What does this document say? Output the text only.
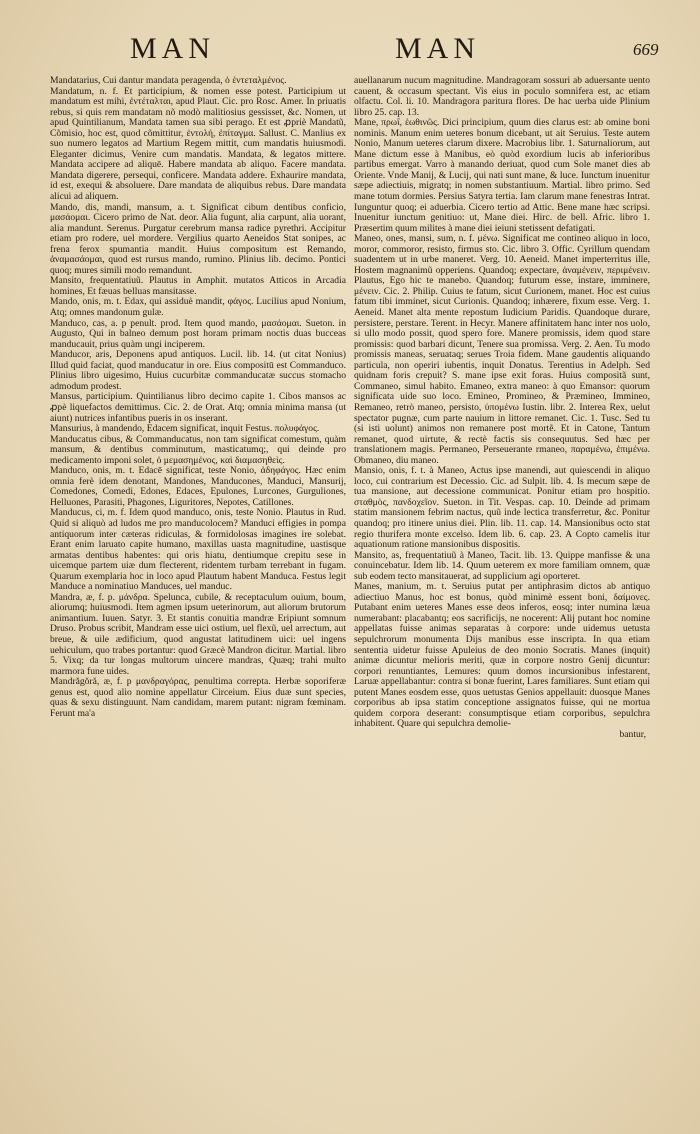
MAN	MAN	669

Mandatarius, Cui dantur mandata peragenda, ὁ ἐντεταλμένος.

Mandatum, n. f. Et participium, & nomen esse potest. Participium ut mandatum est mihi, ἐντέταλται, apud Plaut. Cic. pro Rosc. Amer. In priuatis rebus, si quis rem mandatam nõ modò malitiosius gessisset, &c. Nomen, ut apud Quintilianum, Mandata tamen sua sibi perago. Et est ꝓpriè Mandatũ, Cõmisio, hoc est, quod cõmittitur, ἐντολή, ἐπίταγμα. Sallust. C. Manlius ex suo numero legatos ad Martium Regem mittit, cum mandatis huiusmodi. Eleganter dicimus, Venire cum mandatis. Mandata, & legatos mittere. Mandata accipere ad aliquē. Habere mandata ab aliquo. Facere mandata. Mandata digerere, persequi, conficere. Mandata addere. Exhaurire mandata, id est, exequi & absoluere. Dare mandata de aliquibus rebus. Dare mandata alicui ad aliquem.

Mando, dis, mandi, mansum, a. t. Significat cibum dentibus conficio, μασάομαι. Cicero primo de Nat. deor. Alia fugunt, alia carpunt, alia uorant, alia mandunt. Serenus. Purgatur cerebrum mansa radice pyrethri. Accipitur etiam pro rodere, uel mordere. Vergilius quarto Aeneidos Stat sonipes, ac frena ferox spumantia mandit. Huius compositum est Remando, ἀναμασάομαι, quod est rursus mando, rumino. Plinius lib. decimo. Pontici quoq; mures simili modo remandunt.

Mansito, frequentatiuũ. Plautus in Amphit. mutatos Atticos in Arcadia homines, Et fæuas belluas mansitasse.

Mando, onis, m. t. Edax, qui assiduè mandit, φάγος. Lucilius apud Nonium, Atq; omnes mandonum gulæ.

Manduco, cas, a. p penult. prod. Item quod mando, μασάομαι. Sueton. in Augusto, Qui in balneo demum post horam primam noctis duas bucceas manducauit, prius quàm ungi inciperem.

Manducor, aris, Deponens apud antiquos. Lucil. lib. 14. (ut citat Nonius) Illud quid faciat, quod manducatur in ore. Eius compositū est Commanduco. Plinius libro uigesimo, Huius cucurbitæ commanducatæ succus stomacho admodum prodest.

Mansus, participium. Quintilianus libro decimo capite 1. Cibos mansos ac ꝓpè liquefactos demittimus. Cic. 2. de Orat. Atq; omnia minima mansa (ut aiunt) nutrices infantibus pueris in os inserant.

Mansurius, à mandendo, Edacem significat, inquit Festus. πολυφάγος.

Manducatus cibus, & Commanducatus, non tam significat comestum, quàm mansum, & dentibus comminutum, masticatumq;, qui deinde pro medicamento imponi solet, ὁ μεμασημένος, καὶ διαμασηθεὶς.

Manduco, onis, m. t. Edacē significat, teste Nonio, ἀδηφάγος. Hæc enim omnia ferè idem denotant, Mandones, Manducones, Manduci, Mansurij, Comedones, Comedi, Edones, Edaces, Epulones, Lurcones, Gurguliones, Helluones, Parasiti, Phagones, Liguritores, Nepotes, Catillones.

Manducus, ci, m. f. Idem quod manduco, onis, teste Nonio. Plautus in Rud. Quid si aliquò ad ludos me pro manducolocem? Manduci effigies in pompa antiquorum inter cæteras ridiculas, & formidolosas imagines ire solebat. Erant enim laruato capite humano, maxillas uasta magnitudine, uastisque armatas dentibus habentes: qui oris hiatu, dentiumque crepitu sese in uicemque partem uiæ dum flecterent, ridentem turbam terrebant in fugam. Quarum exemplaria hoc in loco apud Plautum habent Manduca. Festus legit Manduce a nominatiuo Manduces, uel manduc.

Mandra, æ, f. p. μάνδρα. Spelunca, cubile, & receptaculum ouium, boum, aliorumq; huiusmodi. Item agmen ipsum ueterinorum, aut aliorum brutorum animantium. Iuuen. Satyr. 3. Et stantis conuitia mandræ Eripiunt somnum Druso. Probus scribit, Mandram esse uici ostium, uel flexũ, uel arrectum, aut breue, & uile ædificium, quod angustat latitudinem uici: uel ingens uehiculum, quo trabes portantur: quod Græcè Mandron dicitur. Martial. libro 5. Vixq; da tur longas multorum uincere mandras, Quæq; trahi multo marmora fune uides.

Mandrăgŏră, æ, f. p μανδραγόρας, penultima correpta. Herbæ soporiferæ genus est, quod alio nomine appellatur Circeium. Eius duæ sunt species, quas & sexu distinguunt. Nam candidam, marem putant: nigram fœminam. Ferunt ma'a

auellanarum nucum magnitudine. Mandragoram sossuri ab aduersante uento cauent, & occasum spectant. Vis eius in poculo somnifera est, ac etiam olfactu. Col. li. 10. Mandragora paritura flores. De hac uerba uide Plinium libro 25. cap. 13.

Mane, πρωΐ, ἑωθινῶς. Dici principium, quum dies clarus est: ab omine boni nominis. Manum enim ueteres bonum dicebant, ut ait Seruius. Teste autem Nonio, Manum ueteres clarum dixere. Macrobius libr. 1. Saturnaliorum, aut Mane dictum esse à Manibus, eò quòd exordium lucis ab inferioribus partibus emergat. Varro à manando deriuat, quod cum Sole manet dies ab Oriente. Vnde Manij, & Lucij, qui nati sunt mane, & luce. Iunctum inuenitur sæpe adiectiuis, migratq; in nomen substantiuum. Martial. libro primo. Sed mane totum dormies. Persius Satyra tertia. Iam clarum mane fenestras Intrat. Iunguntur quoq; ei aduerbia. Cicero tertio ad Attic. Bene mane hæc scripsi. Inuenitur iunctum genitiuo: ut, Mane diei. Hirc. de bell. Afric. libro 1. Præsertim quum milites à mane diei ieiuni stetissent defatigati.

Maneo, ones, mansi, sum, n. f. μένω. Significat me contineo aliquo in loco, moror, commoror, resisto, firmus sto. Cic. libro 3. Offic. Cyrillum quendam suadentem ut in urbe maneret. Verg. 10. Aeneid. Manet imperterritus ille, Hostem magnanimũ opperiens. Quandoq; expectare, ἀναμένειν, περιμένειν. Plautus, Ego hic te manebo. Quandoq; futurum esse, instare, imminere, μένειν. Cic. 2. Philip. Cuius te fatum, sicut Curionem, manet. Hoc est cuius fatum tibi imminet, sicut Curionis. Quandoq; inhærere, fixum esse. Verg. 1. Aeneid. Manet alta mente repostum Iudicium Paridis. Quandoque durare, persistere, perstare. Terent. in Hecyr. Manere affinitatem hanc inter nos uolo, si ullo modo possit, quod spero fore. Manere promissis, idem quod stare promissis: quod barbari dicunt, Tenere sua promissa. Verg. 2. Aen. Tu modo promissis maneas, seruataq; serues Troia fidem. Mane gaudentis aliquando particula, non operiri iubentis, inquit Donatus. Terentius in Adelph. Sed quidnam foris crepuit? S. mane ipse exit foras. Huius compositã sunt, Commaneo, simul habito. Emaneo, extra maneo: à quo Emansor: quorum significata uide suo loco. Emineo, Promineo, & Præmineo, Immineo, Remaneo, retrò maneo, persisto, ὑπομένω Iustin. libr. 2. Interea Rex, uelut spectator pugnæ, cum parte nauium in littore remanet. Cic. 1. Tusc. Sed tu (si isti uolunt) animos non remanere post mortẽ. Et in Catone, Tantum remanet, quod uirtute, & rectè factis sis consequutus. Sed hæc per translationem magis. Permaneo, Perseuerante rmaneo, παραμένω, ἐπιμένω. Obmaneo, diu maneo.

Mansio, onis, f. t. à Maneo, Actus ipse manendi, aut quiescendi in aliquo loco, cui contrarium est Decessio. Cic. ad Sulpit. lib. 4. Is mecum sæpe de tua mansione, aut decessione communicat. Ponitur etiam pro hospitio. σταθμὸς, πανδοχεῖον. Sueton. in Tit. Vespas. cap. 10. Deinde ad primam statim mansionem febrim nactus, quũ inde lectica transferretur, &c. Ponitur quandoq; pro itinere unius diei. Plin. lib. 11. cap. 14. Mansionibus octo stat regio thurifera monte excelso. Idem lib. 6. cap. 23. A Copto camelis itur aquationum ratione mansionibus dispositis.

Mansito, as, frequentatiuũ à Maneo, Tacit. lib. 13. Quippe manfisse & una conuincebatur. Idem lib. 14. Quum ueterem ex more familiam omnem, quæ sub eodem tecto mansitauerat, ad supplicium agi oporteret.

Manes, manium, m. t. Seruius putat per antiphrasim dictos ab antiquo adiectiuo Manus, hoc est bonus, quòd minimè essent boni, δαίμονες. Putabant enim ueteres Manes esse deos inferos, eosq; inter numina læua numerabant: placabantq; eos sacrificijs, ne nocerent: Alij putant hoc nomine appellatas fuisse animas separatas à corpore: unde uidemus uetusta sepulchrorum monumenta Dijs manibus esse inscripta. In qua etiam sententia uidetur fuisse Apuleius de deo monio Socratis. Manes (inquit) animæ dicuntur melioris meriti, quæ in corpore nostro Genij dicuntur: corpori renuntiantes, Lemures: quum domos incursionibus infestarent, Laruæ appellabantur: contra si bonæ fuerint, Lares familiares. Sunt etiam qui putent Manes eosdem esse, quos uetustas Genios appellauit: duosque Manes corporibus ab ipsa statim conceptione assignatos fuisse, qui ne mortua quidem corpora deserant: consumptisque etiam corporibus, sepulchra inhabitent. Quare qui sepulchra demolie-

bantur,
